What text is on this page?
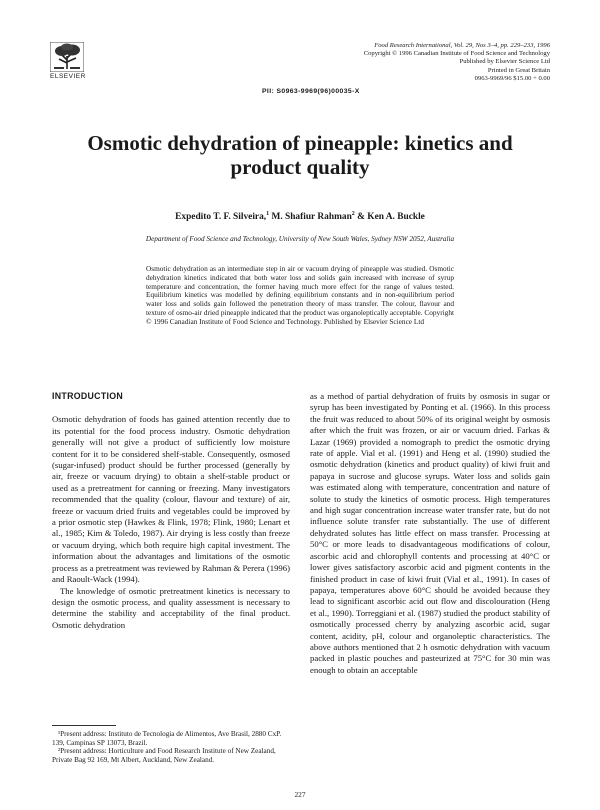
ELSEVIER
Food Research International, Vol. 29, Nos 3–4, pp. 229–233, 1996
Copyright © 1996 Canadian Institute of Food Science and Technology
Published by Elsevier Science Ltd
Printed in Great Britain
0963-9969/96 $15.00 + 0.00
PII: S0963-9969(96)00035-X
Osmotic dehydration of pineapple: kinetics and product quality
Expedito T. F. Silveira,$^1$ M. Shafiur Rahman$^2$ & Ken A. Buckle
Department of Food Science and Technology, University of New South Wales, Sydney NSW 2052, Australia
Osmotic dehydration as an intermediate step in air or vacuum drying of pineapple was studied. Osmotic dehydration kinetics indicated that both water loss and solids gain increased with increase of syrup temperature and concentration, the former having much more effect for the range of values tested. Equilibrium kinetics was modelled by defining equilibrium constants and in non-equilibrium period water loss and solids gain followed the penetration theory of mass transfer. The colour, flavour and texture of osmo-air dried pineapple indicated that the product was organoleptically acceptable. Copyright © 1996 Canadian Institute of Food Science and Technology. Published by Elsevier Science Ltd
INTRODUCTION

Osmotic dehydration of foods has gained attention recently due to its potential for the food process industry. Osmotic dehydration generally will not give a product of sufficiently low moisture content for it to be considered shelf-stable. Consequently, osmosed (sugar-infused) product should be further processed (generally by air, freeze or vacuum drying) to obtain a shelf-stable product or used as a pretreatment for canning or freezing. Many investigators recommended that the quality (colour, flavour and texture) of air, freeze or vacuum dried fruits and vegetables could be improved by a prior osmotic step (Hawkes & Flink, 1978; Flink, 1980; Lenart et al., 1985; Kim & Toledo, 1987). Air drying is less costly than freeze or vacuum drying, which both require high capital investment. The information about the advantages and limitations of the osmotic process as a pretreatment was reviewed by Rahman & Perera (1996) and Raoult-Wack (1994).

The knowledge of osmotic pretreatment kinetics is necessary to design the osmotic process, and quality assessment is necessary to determine the stability and acceptability of the final product. Osmotic dehydration

as a method of partial dehydration of fruits by osmosis in sugar or syrup has been investigated by Ponting et al. (1966). In this process the fruit was reduced to about 50% of its original weight by osmosis after which the fruit was frozen, or air or vacuum dried. Farkas & Lazar (1969) provided a nomograph to predict the osmotic drying rate of apple. Vial et al. (1991) and Heng et al. (1990) studied the osmotic dehydration (kinetics and product quality) of kiwi fruit and papaya in sucrose and glucose syrups. Water loss and solids gain was estimated along with temperature, concentration and nature of solute to study the kinetics of osmotic process. High temperatures and high sugar concentration increase water transfer rate, but do not influence solute transfer rate substantially. The use of different dehydrated solutes has little effect on mass transfer. Processing at 50°C or more leads to disadvantageous modifications of colour, ascorbic acid and chlorophyll contents and processing at 40°C or lower gives satisfactory ascorbic acid and pigment contents in the finished product in case of kiwi fruit (Vial et al., 1991). In cases of papaya, temperatures above 60°C should be avoided because they lead to significant ascorbic acid out flow and discolouration (Heng et al., 1990). Torreggiani et al. (1987) studied the product stability of osmotically processed cherry by analyzing ascorbic acid, sugar content, acidity, pH, colour and organoleptic characteristics. The above authors mentioned that 2 h osmotic dehydration with vacuum packed in plastic pouches and pasteurized at 75°C for 30 min was enough to obtain an acceptable

¹Present address: Instituto de Tecnologia de Alimentos, Ave Brasil, 2880 CxP. 139, Campinas SP 13073, Brazil.
²Present address: Horticulture and Food Research Institute of New Zealand, Private Bag 92 169, Mt Albert, Auckland, New Zealand.
227
